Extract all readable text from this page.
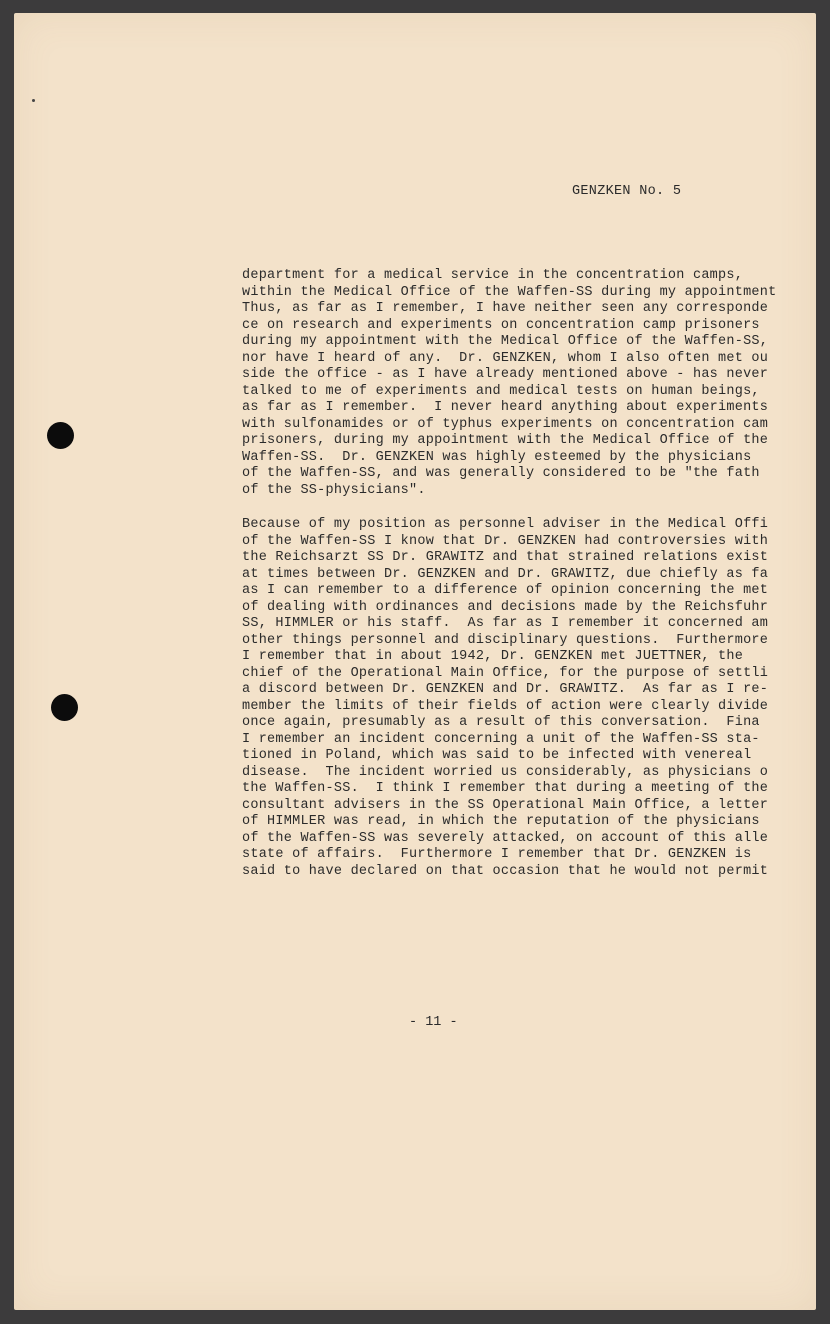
GENZKEN No. 5
department for a medical service in the concentration camps,
within the Medical Office of the Waffen-SS during my appointment
Thus, as far as I remember, I have neither seen any corresponde
ce on research and experiments on concentration camp prisoners
during my appointment with the Medical Office of the Waffen-SS,
nor have I heard of any.  Dr. GENZKEN, whom I also often met ou
side the office - as I have already mentioned above - has never
talked to me of experiments and medical tests on human beings,
as far as I remember.  I never heard anything about experiments
with sulfonamides or of typhus experiments on concentration cam
prisoners, during my appointment with the Medical Office of the
Waffen-SS.  Dr. GENZKEN was highly esteemed by the physicians
of the Waffen-SS, and was generally considered to be "the fath
of the SS-physicians".
Because of my position as personnel adviser in the Medical Offi
of the Waffen-SS I know that Dr. GENZKEN had controversies with
the Reichsarzt SS Dr. GRAWITZ and that strained relations exist
at times between Dr. GENZKEN and Dr. GRAWITZ, due chiefly as fa
as I can remember to a difference of opinion concerning the met
of dealing with ordinances and decisions made by the Reichsfuhr
SS, HIMMLER or his staff.  As far as I remember it concerned am
other things personnel and disciplinary questions.  Furthermore
I remember that in about 1942, Dr. GENZKEN met JUETTNER, the
chief of the Operational Main Office, for the purpose of settli
a discord between Dr. GENZKEN and Dr. GRAWITZ.  As far as I re-
member the limits of their fields of action were clearly divide
once again, presumably as a result of this conversation.  Fina
I remember an incident concerning a unit of the Waffen-SS sta-
tioned in Poland, which was said to be infected with venereal
disease.  The incident worried us considerably, as physicians o
the Waffen-SS.  I think I remember that during a meeting of the
consultant advisers in the SS Operational Main Office, a letter
of HIMMLER was read, in which the reputation of the physicians
of the Waffen-SS was severely attacked, on account of this alle
state of affairs.  Furthermore I remember that Dr. GENZKEN is
said to have declared on that occasion that he would not permit
- 11 -
